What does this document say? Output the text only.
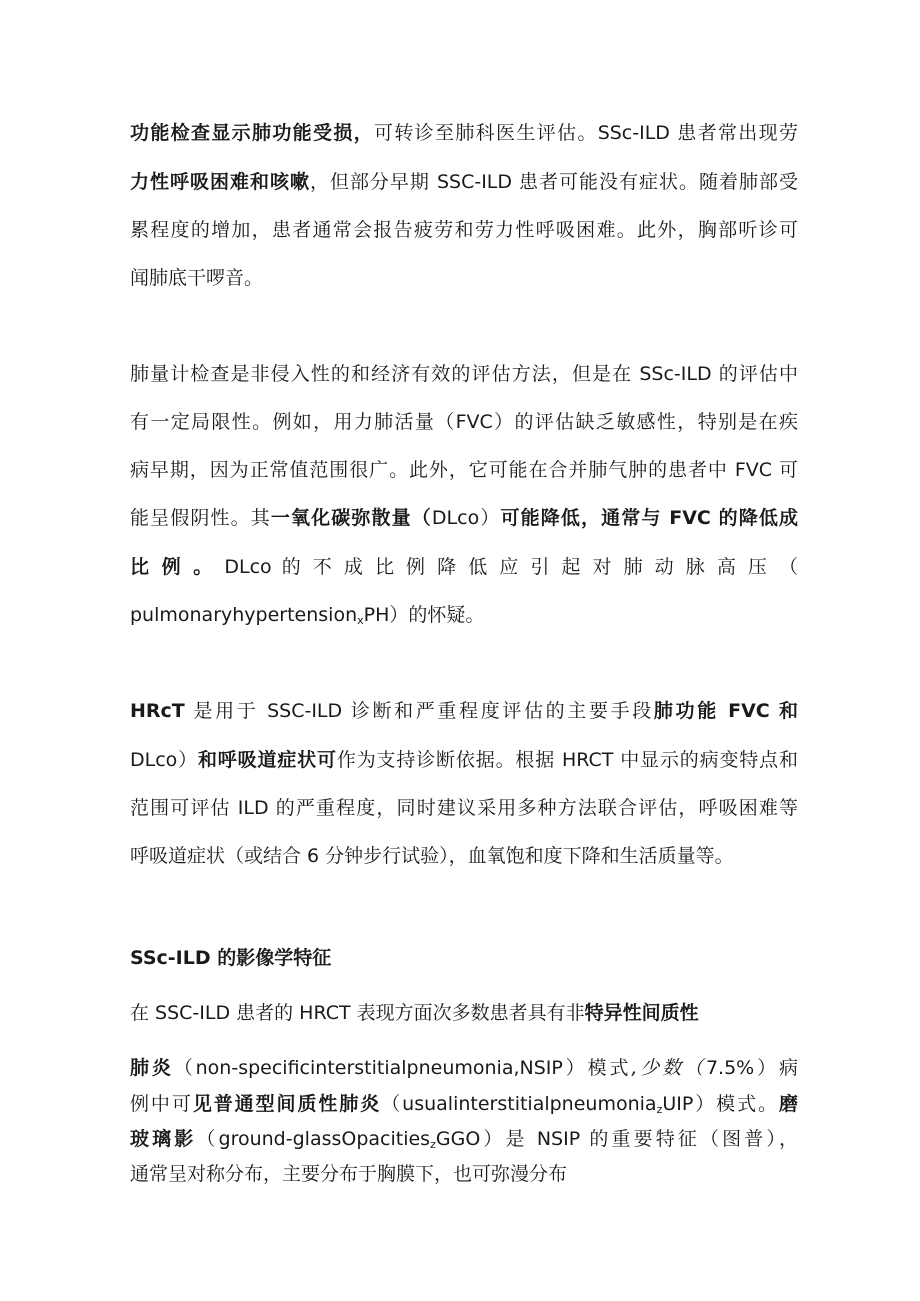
功能检查显示肺功能受损，可转诊至肺科医生评估。SSc-ILD 患者常出现劳
力性呼吸困难和咳嗽，但部分早期 SSC-ILD 患者可能没有症状。随着肺部受
累程度的增加，患者通常会报告疲劳和劳力性呼吸困难。此外，胸部听诊可
闻肺底干啰音。
肺量计检查是非侵入性的和经济有效的评估方法，但是在 SSc-ILD 的评估中
有一定局限性。例如，用力肺活量（FVC）的评估缺乏敏感性，特别是在疾
病早期，因为正常值范围很广。此外，它可能在合并肺气肿的患者中 FVC 可
能呈假阴性。其一氧化碳弥散量（DLco）可能降低，通常与 FVC 的降低成
比 例 。 DLco 的 不 成 比 例 降 低 应 引 起 对 肺 动 脉 高 压 （
pulmonaryhypertension$_x$PH）的怀疑。
HRcT 是用于 SSC-ILD 诊断和严重程度评估的主要手段肺功能 FVC 和
DLco）和呼吸道症状可作为支持诊断依据。根据 HRCT 中显示的病变特点和
范围可评估 ILD 的严重程度，同时建议采用多种方法联合评估，呼吸困难等
呼吸道症状（或结合 6 分钟步行试验），血氧饱和度下降和生活质量等。
SSc-ILD 的影像学特征
在 SSC-ILD 患者的 HRCT 表现方面次多数患者具有非特异性间质性
肺炎（non-specificinterstitialpneumonia,NSIP）模式,少数（7.5%）病
例中可见普通型间质性肺炎（usualinterstitialpneumonia$_z$UIP）模式。磨
玻璃影（ground-glassOpacities$_z$GGO）是 NSIP 的重要特征（图普），
通常呈对称分布，主要分布于胸膜下，也可弥漫分布
